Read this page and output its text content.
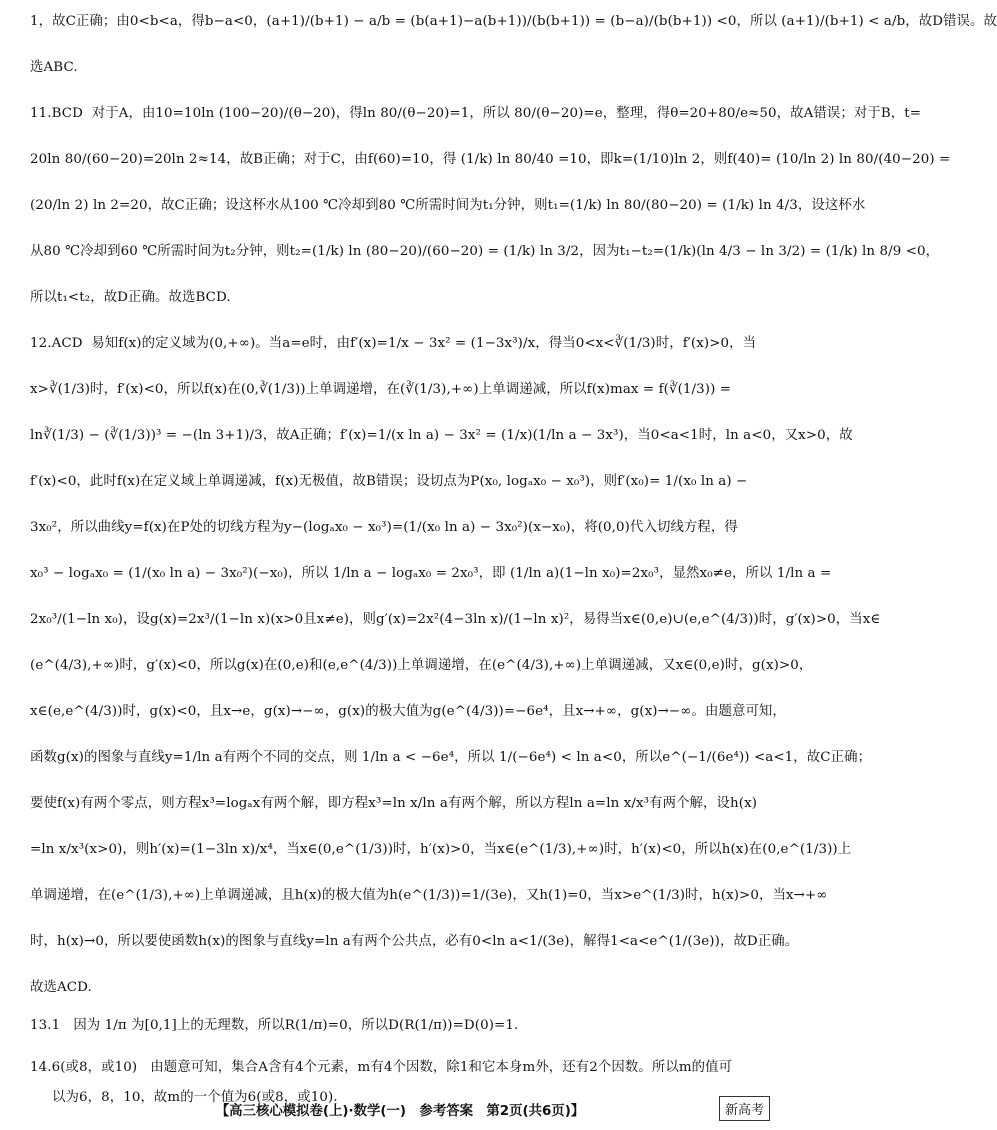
1，故C正确；由0<b<a，得b−a<0，(a+1)/(b+1) − a/b = (b(a+1)−a(b+1))/(b(b+1)) = (b−a)/(b(b+1)) <0，所以 (a+1)/(b+1) < a/b，故D错误。故
选ABC.
11.BCD 对于A，由10=10ln (100−20)/(θ−20)，得ln 80/(θ−20)=1，所以 80/(θ−20)=e，整理，得θ=20+80/e≈50，故A错误；对于B，t=
20ln 80/(60−20)=20ln 2≈14，故B正确；对于C，由f(60)=10，得 (1/k) ln 80/40 =10，即k=(1/10)ln 2，则f(40)= (10/ln 2) ln 80/(40−20) =
(20/ln 2) ln 2=20，故C正确；设这杯水从100 ℃冷却到80 ℃所需时间为t₁分钟，则t₁=(1/k) ln 80/(80−20) = (1/k) ln 4/3，设这杯水
从80 ℃冷却到60 ℃所需时间为t₂分钟，则t₂=(1/k) ln (80−20)/(60−20) = (1/k) ln 3/2，因为t₁−t₂=(1/k)(ln 4/3 − ln 3/2) = (1/k) ln 8/9 <0，
所以t₁<t₂，故D正确。故选BCD.
12.ACD 易知f(x)的定义域为(0,+∞)。当a=e时，由f′(x)=1/x − 3x² = (1−3x³)/x，得当0<x<∛(1/3)时，f′(x)>0，当
x>∛(1/3)时，f′(x)<0，所以f(x)在(0,∛(1/3))上单调递增，在(∛(1/3),+∞)上单调递减，所以f(x)max = f(∛(1/3)) =
ln∛(1/3) − (∛(1/3))³ = −(ln 3+1)/3，故A正确；f′(x)=1/(x ln a) − 3x² = (1/x)(1/ln a − 3x³)，当0<a<1时，ln a<0，又x>0，故
f′(x)<0，此时f(x)在定义域上单调递减，f(x)无极值，故B错误；设切点为P(x₀, logₐx₀ − x₀³)，则f′(x₀)= 1/(x₀ ln a) −
3x₀²，所以曲线y=f(x)在P处的切线方程为y−(logₐx₀ − x₀³)=(1/(x₀ ln a) − 3x₀²)(x−x₀)，将(0,0)代入切线方程，得
x₀³ − logₐx₀ = (1/(x₀ ln a) − 3x₀²)(−x₀)，所以 1/ln a − logₐx₀ = 2x₀³，即 (1/ln a)(1−ln x₀)=2x₀³，显然x₀≠e，所以 1/ln a =
2x₀³/(1−ln x₀)，设g(x)=2x³/(1−ln x)(x>0且x≠e)，则g′(x)=2x²(4−3ln x)/(1−ln x)²，易得当x∈(0,e)∪(e,e^(4/3))时，g′(x)>0，当x∈
(e^(4/3),+∞)时，g′(x)<0，所以g(x)在(0,e)和(e,e^(4/3))上单调递增，在(e^(4/3),+∞)上单调递减，又x∈(0,e)时，g(x)>0，
x∈(e,e^(4/3))时，g(x)<0，且x→e，g(x)→−∞，g(x)的极大值为g(e^(4/3))=−6e⁴，且x→+∞，g(x)→−∞。由题意可知，
函数g(x)的图象与直线y=1/ln a有两个不同的交点，则 1/ln a < −6e⁴，所以 1/(−6e⁴) < ln a<0，所以e^(−1/(6e⁴)) <a<1，故C正确；
要使f(x)有两个零点，则方程x³=logₐx有两个解，即方程x³=ln x/ln a有两个解，所以方程ln a=ln x/x³有两个解，设h(x)
=ln x/x³(x>0)，则h′(x)=(1−3ln x)/x⁴，当x∈(0,e^(1/3))时，h′(x)>0，当x∈(e^(1/3),+∞)时，h′(x)<0，所以h(x)在(0,e^(1/3))上
单调递增，在(e^(1/3),+∞)上单调递减，且h(x)的极大值为h(e^(1/3))=1/(3e)，又h(1)=0，当x>e^(1/3)时，h(x)>0，当x→+∞
时，h(x)→0，所以要使函数h(x)的图象与直线y=ln a有两个公共点，必有0<ln a<1/(3e)，解得1<a<e^(1/(3e))，故D正确。
故选ACD.
13.1 因为 1/π 为[0,1]上的无理数，所以R(1/π)=0，所以D(R(1/π))=D(0)=1.
14.6(或8，或10) 由题意可知，集合A含有4个元素，m有4个因数，除1和它本身m外，还有2个因数。所以m的值可
以为6，8，10，故m的一个值为6(或8，或10).
【高三核心模拟卷(上)·数学(一)　参考答案　第2页(共6页)】	新高考
